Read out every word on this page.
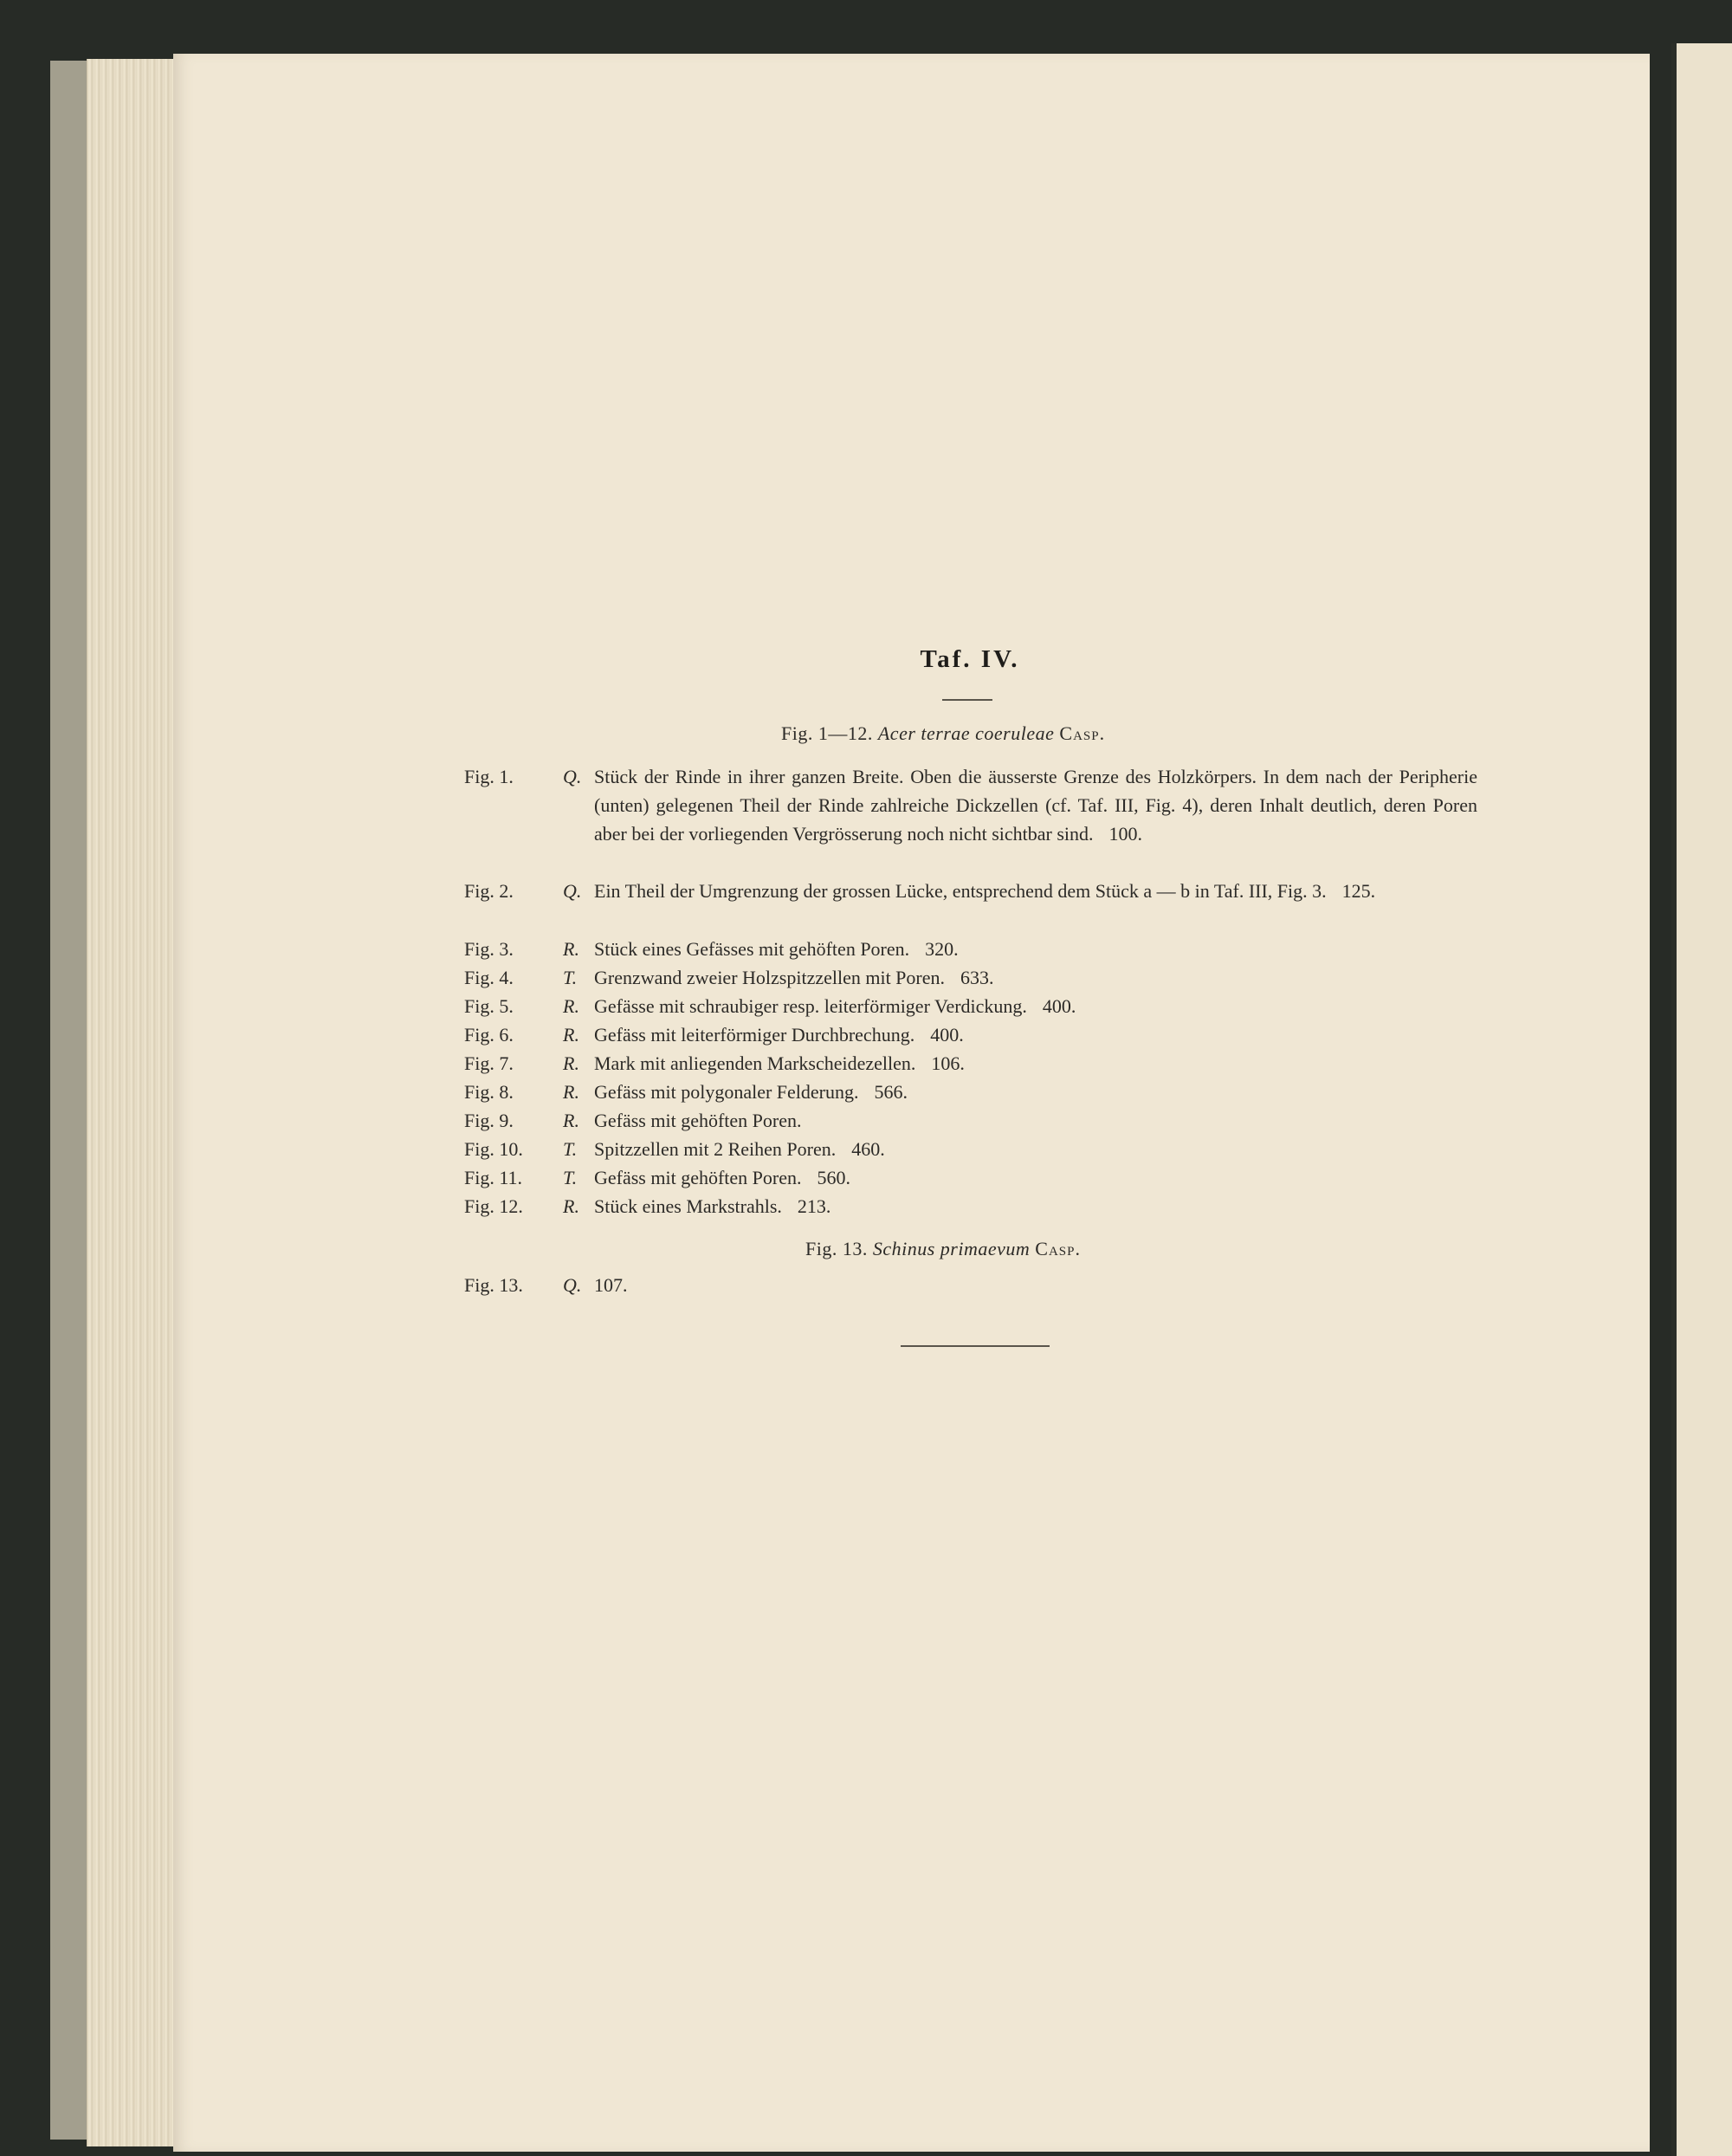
Taf. IV.
Fig. 1—12. Acer terrae coeruleae Casp.
Fig. 1.	Q. Stück der Rinde in ihrer ganzen Breite. Oben die äusserste Grenze des Holzkörpers. In dem nach der Peripherie (unten) gelegenen Theil der Rinde zahlreiche Dickzellen (cf. Taf. III, Fig. 4), deren Inhalt deutlich, deren Poren aber bei der vorliegenden Vergrösserung noch nicht sichtbar sind. 100.
Fig. 2.	Q. Ein Theil der Umgrenzung der grossen Lücke, entsprechend dem Stück a — b in Taf. III, Fig. 3. 125.
Fig. 3.	R. Stück eines Gefässes mit gehöften Poren. 320.
Fig. 4.	T. Grenzwand zweier Holzspitzzellen mit Poren. 633.
Fig. 5.	R. Gefässe mit schraubiger resp. leiterförmiger Verdickung. 400.
Fig. 6.	R. Gefäss mit leiterförmiger Durchbrechung. 400.
Fig. 7.	R. Mark mit anliegenden Markscheidezellen. 106.
Fig. 8.	R. Gefäss mit polygonaler Felderung. 566.
Fig. 9.	R. Gefäss mit gehöften Poren.
Fig. 10.	T. Spitzzellen mit 2 Reihen Poren. 460.
Fig. 11.	T. Gefäss mit gehöften Poren. 560.
Fig. 12.	R. Stück eines Markstrahls. 213.
Fig. 13. Schinus primaevum Casp.
Fig. 13.	Q. 107.
